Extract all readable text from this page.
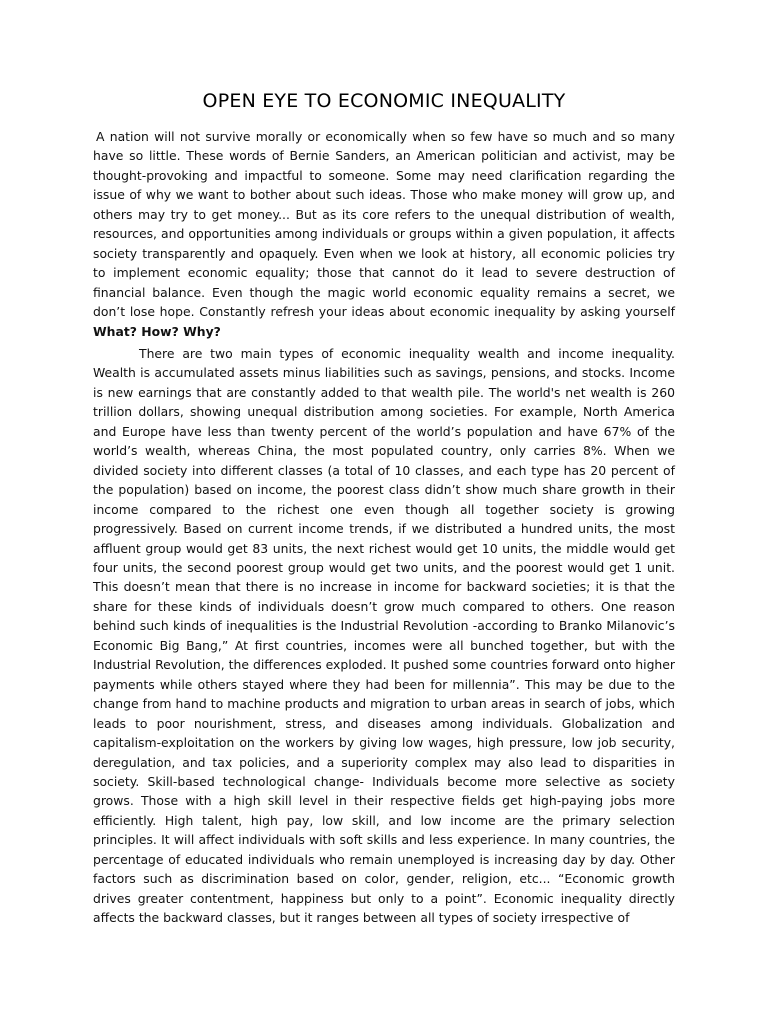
OPEN EYE TO ECONOMIC INEQUALITY

A nation will not survive morally or economically when so few have so much and so many have so little. These words of Bernie Sanders, an American politician and activist, may be thought-provoking and impactful to someone. Some may need clarification regarding the issue of why we want to bother about such ideas. Those who make money will grow up, and others may try to get money... But as its core refers to the unequal distribution of wealth, resources, and opportunities among individuals or groups within a given population, it affects society transparently and opaquely. Even when we look at history, all economic policies try to implement economic equality; those that cannot do it lead to severe destruction of financial balance. Even though the magic world economic equality remains a secret, we don’t lose hope. Constantly refresh your ideas about economic inequality by asking yourself What? How? Why?

There are two main types of economic inequality wealth and income inequality. Wealth is accumulated assets minus liabilities such as savings, pensions, and stocks. Income is new earnings that are constantly added to that wealth pile. The world's net wealth is 260 trillion dollars, showing unequal distribution among societies. For example, North America and Europe have less than twenty percent of the world’s population and have 67% of the world’s wealth, whereas China, the most populated country, only carries 8%. When we divided society into different classes (a total of 10 classes, and each type has 20 percent of the population) based on income, the poorest class didn’t show much share growth in their income compared to the richest one even though all together society is growing progressively. Based on current income trends, if we distributed a hundred units, the most affluent group would get 83 units, the next richest would get 10 units, the middle would get four units, the second poorest group would get two units, and the poorest would get 1 unit. This doesn’t mean that there is no increase in income for backward societies; it is that the share for these kinds of individuals doesn’t grow much compared to others. One reason behind such kinds of inequalities is the Industrial Revolution -according to Branko Milanovic’s Economic Big Bang,” At first countries, incomes were all bunched together, but with the Industrial Revolution, the differences exploded. It pushed some countries forward onto higher payments while others stayed where they had been for millennia”. This may be due to the change from hand to machine products and migration to urban areas in search of jobs, which leads to poor nourishment, stress, and diseases among individuals. Globalization and capitalism-exploitation on the workers by giving low wages, high pressure, low job security, deregulation, and tax policies, and a superiority complex may also lead to disparities in society. Skill-based technological change- Individuals become more selective as society grows. Those with a high skill level in their respective fields get high-paying jobs more efficiently. High talent, high pay, low skill, and low income are the primary selection principles. It will affect individuals with soft skills and less experience. In many countries, the percentage of educated individuals who remain unemployed is increasing day by day. Other factors such as discrimination based on color, gender, religion, etc... “Economic growth drives greater contentment, happiness but only to a point”. Economic inequality directly affects the backward classes, but it ranges between all types of society irrespective of
